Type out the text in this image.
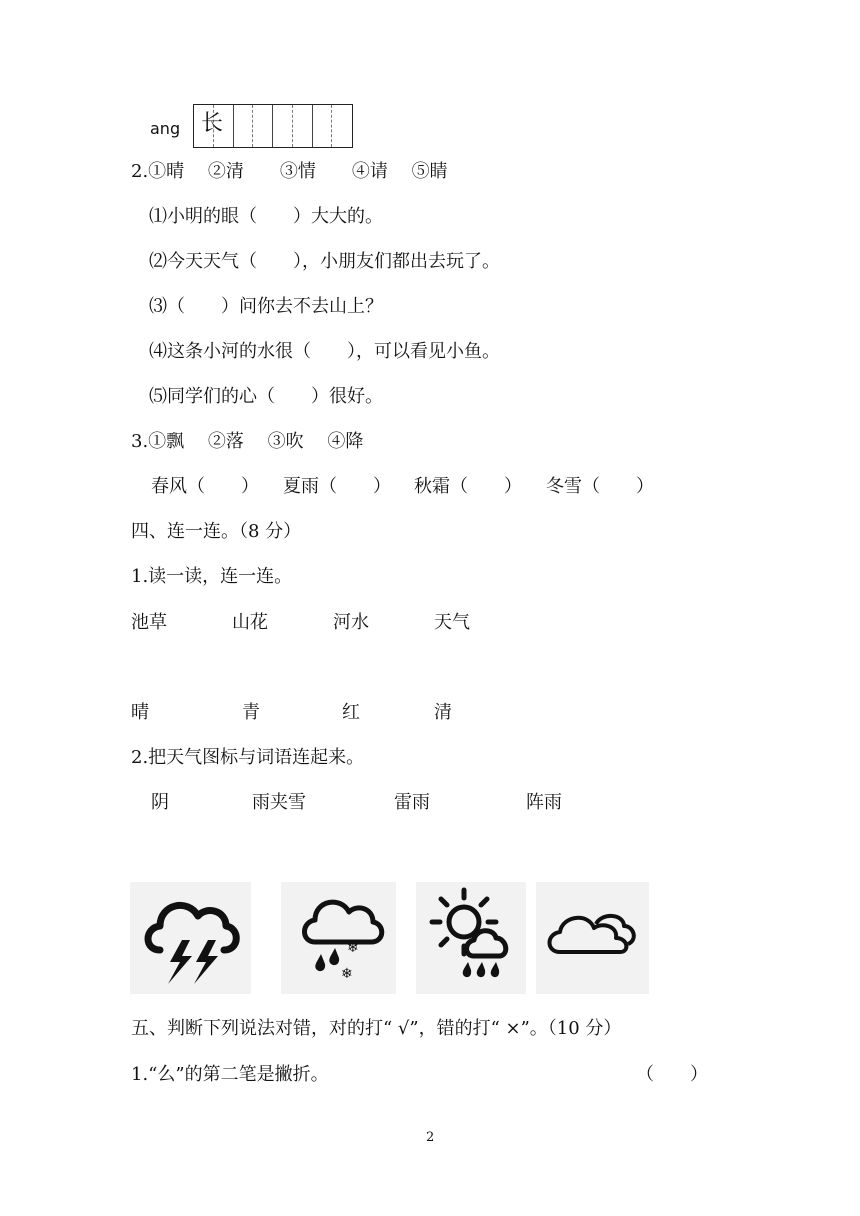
ang 长
2.①晴　 ②清　　③情　　④请　 ⑤睛
⑴小明的眼（　　）大大的。
⑵今天天气（　　），小朋友们都出去玩了。
⑶（　　）问你去不去山上？
⑷这条小河的水很（　　），可以看见小鱼。
⑸同学们的心（　　）很好。
3.①飘　 ②落　 ③吹　 ④降
春风（　　） 夏雨（　　） 秋霜（　　） 冬雪（　　）
四、连一连。（8 分）
1.读一读，连一连。
池草	山花	河水	天气
晴	青	红	清
2.把天气图标与词语连起来。
阴	雨夹雪	雷雨	阵雨
❄
❄
五、判断下列说法对错，对的打“ √”，错的打“ ×”。（10 分）
1.“么”的第二笔是撇折。	（　　）
2
